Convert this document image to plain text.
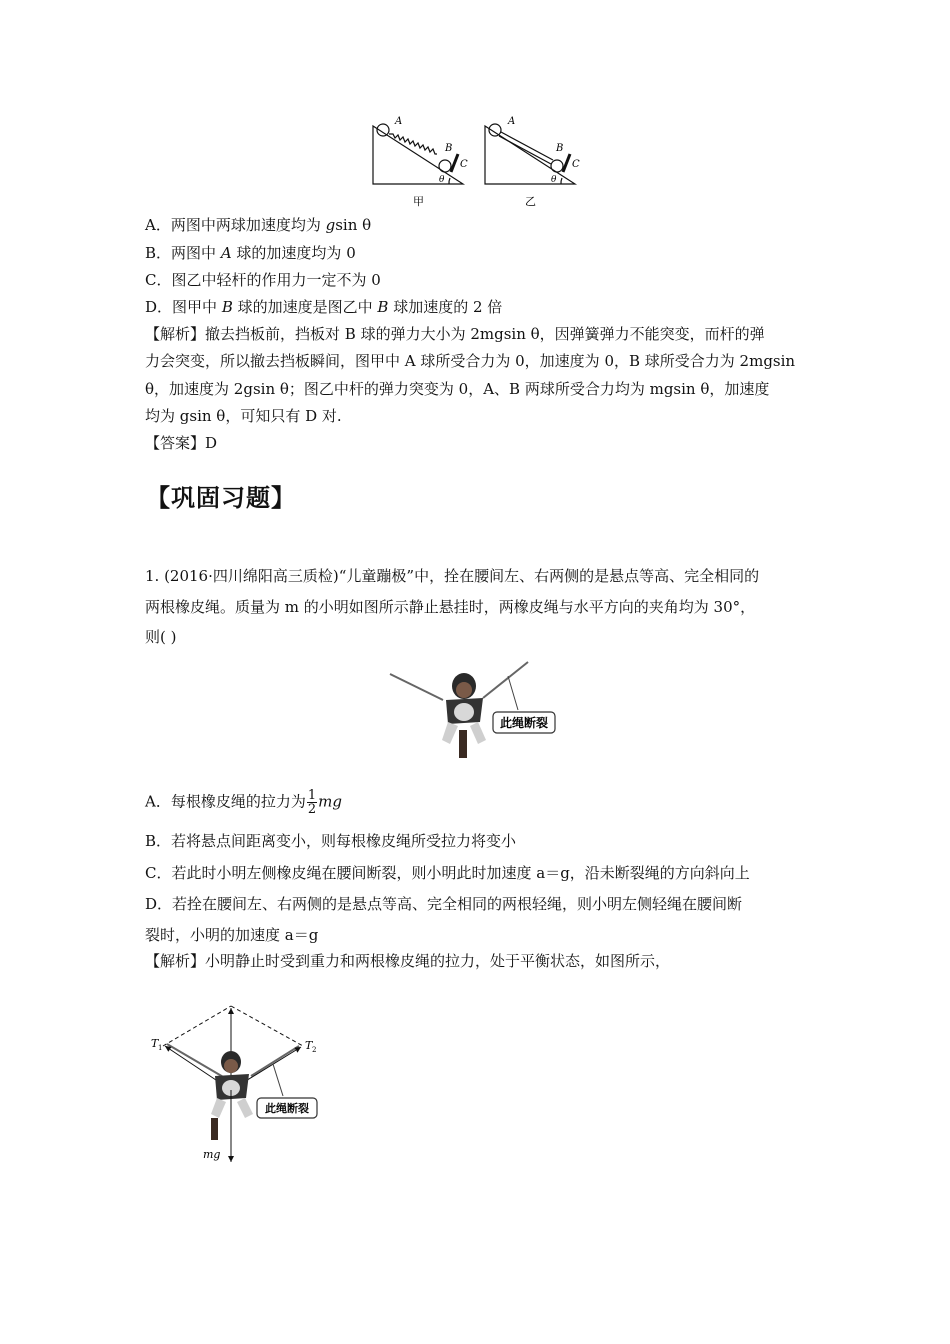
A
B
C
θ
甲
A
B
C
θ
乙
A．两图中两球加速度均为 gsin θ
B．两图中 A 球的加速度均为 0
C．图乙中轻杆的作用力一定不为 0
D．图甲中 B 球的加速度是图乙中 B 球加速度的 2 倍
【解析】撤去挡板前，挡板对 B 球的弹力大小为 2mgsin θ，因弹簧弹力不能突变，而杆的弹
力会突变，所以撤去挡板瞬间，图甲中 A 球所受合力为 0，加速度为 0，B 球所受合力为 2mgsin
θ，加速度为 2gsin θ；图乙中杆的弹力突变为 0，A、B 两球所受合力均为 mgsin θ，加速度
均为 gsin θ，可知只有 D 对.
【答案】D
【巩固习题】
1. (2016·四川绵阳高三质检)“儿童蹦极”中，拴在腰间左、右两侧的是悬点等高、完全相同的
两根橡皮绳。质量为 m 的小明如图所示静止悬挂时，两橡皮绳与水平方向的夹角均为 30°，
则( )
此绳断裂
A．每根橡皮绳的拉力为 $\frac{1}{2}$ mg
B．若将悬点间距离变小，则每根橡皮绳所受拉力将变小
C．若此时小明左侧橡皮绳在腰间断裂，则小明此时加速度 a＝g，沿未断裂绳的方向斜向上
D．若拴在腰间左、右两侧的是悬点等高、完全相同的两根轻绳，则小明左侧轻绳在腰间断
裂时，小明的加速度 a＝g
【解析】小明静止时受到重力和两根橡皮绳的拉力，处于平衡状态，如图所示，
此绳断裂
T 1	T 2
mg
